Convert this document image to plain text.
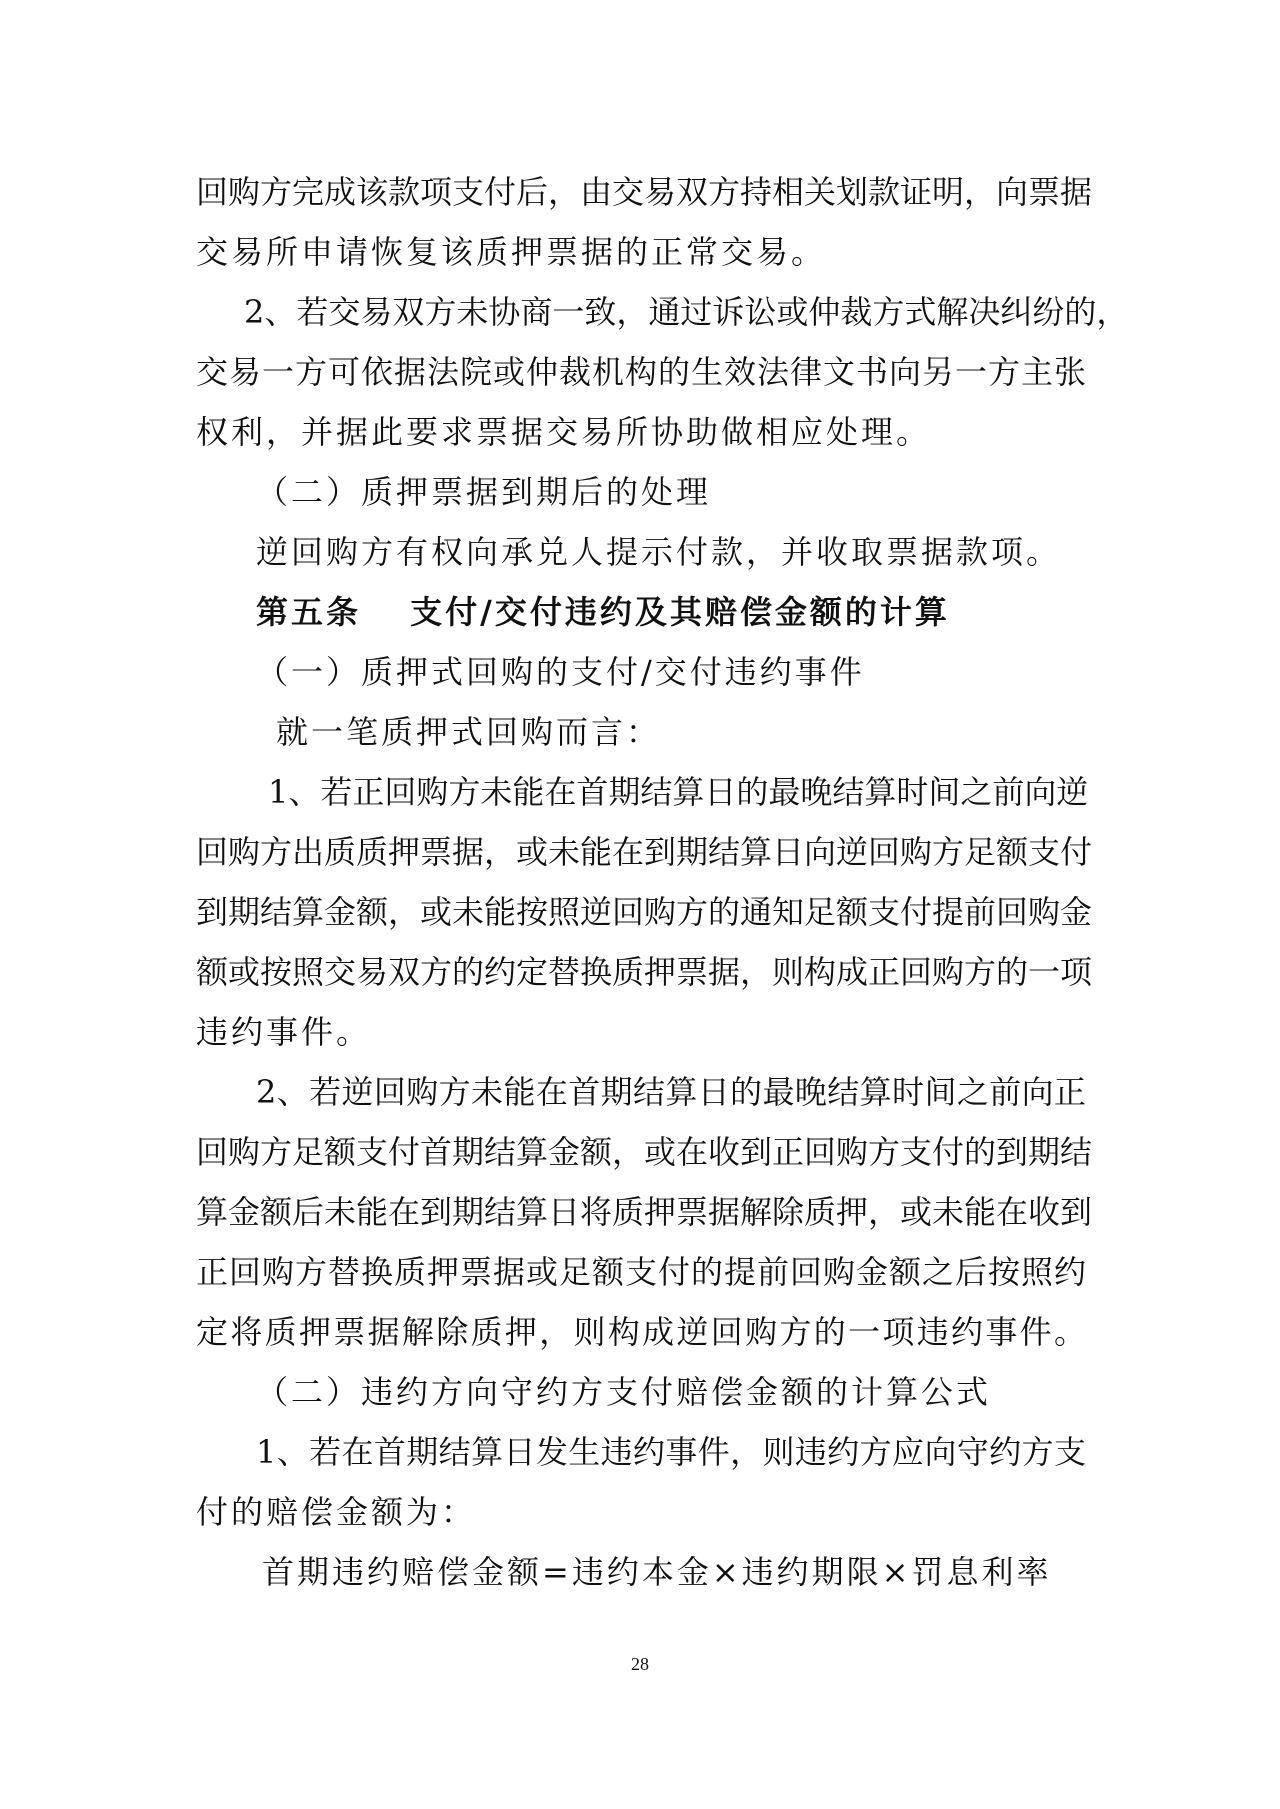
回购方完成该款项支付后，由交易双方持相关划款证明，向票据
交易所申请恢复该质押票据的正常交易。
2、若交易双方未协商一致，通过诉讼或仲裁方式解决纠纷的，
交易一方可依据法院或仲裁机构的生效法律文书向另一方主张
权利，并据此要求票据交易所协助做相应处理。
（二）质押票据到期后的处理
逆回购方有权向承兑人提示付款，并收取票据款项。
第五条　 支付/交付违约及其赔偿金额的计算
（一）质押式回购的支付/交付违约事件
就一笔质押式回购而言：
1、若正回购方未能在首期结算日的最晚结算时间之前向逆
回购方出质质押票据，或未能在到期结算日向逆回购方足额支付
到期结算金额，或未能按照逆回购方的通知足额支付提前回购金
额或按照交易双方的约定替换质押票据，则构成正回购方的一项
违约事件。
2、若逆回购方未能在首期结算日的最晚结算时间之前向正
回购方足额支付首期结算金额，或在收到正回购方支付的到期结
算金额后未能在到期结算日将质押票据解除质押，或未能在收到
正回购方替换质押票据或足额支付的提前回购金额之后按照约
定将质押票据解除质押，则构成逆回购方的一项违约事件。
（二）违约方向守约方支付赔偿金额的计算公式
1、若在首期结算日发生违约事件，则违约方应向守约方支
付的赔偿金额为：
首期违约赔偿金额=违约本金×违约期限×罚息利率
28
